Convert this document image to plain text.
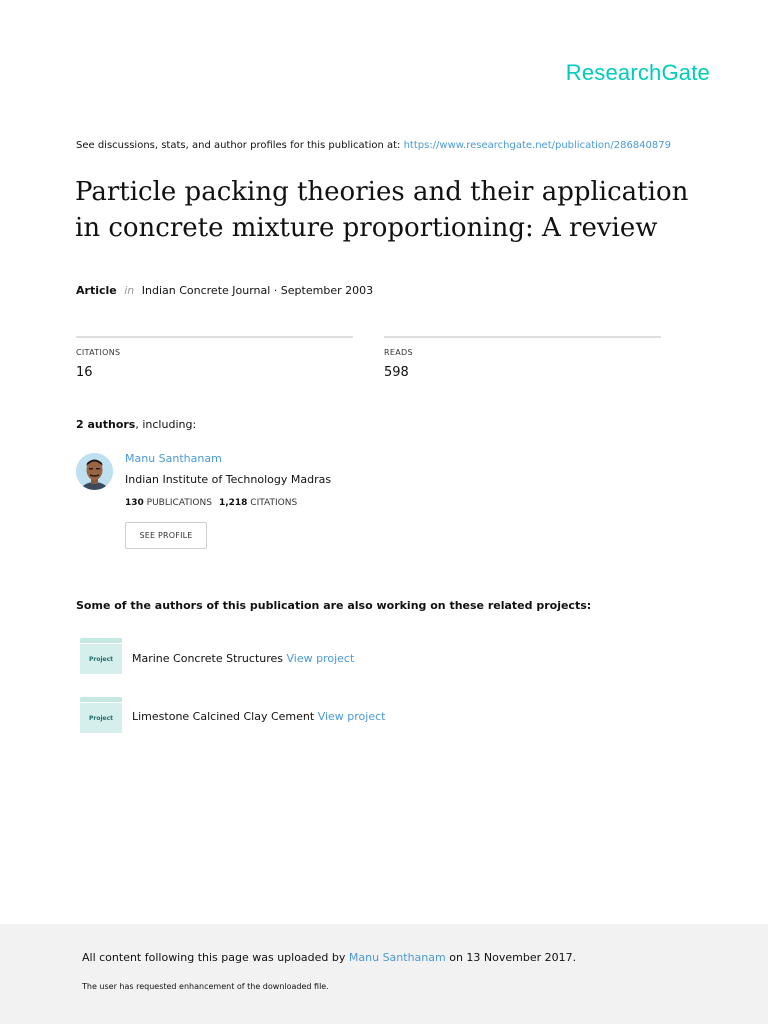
ResearchGate
See discussions, stats, and author profiles for this publication at: https://www.researchgate.net/publication/286840879
Particle packing theories and their application in concrete mixture proportioning: A review
Article in Indian Concrete Journal · September 2003
CITATIONS
16
READS
598
2 authors, including:
Manu Santhanam
Indian Institute of Technology Madras
130 PUBLICATIONS 1,218 CITATIONS
SEE PROFILE
Some of the authors of this publication are also working on these related projects:
Project Marine Concrete Structures View project
Project Limestone Calcined Clay Cement View project
All content following this page was uploaded by Manu Santhanam on 13 November 2017.
The user has requested enhancement of the downloaded file.
